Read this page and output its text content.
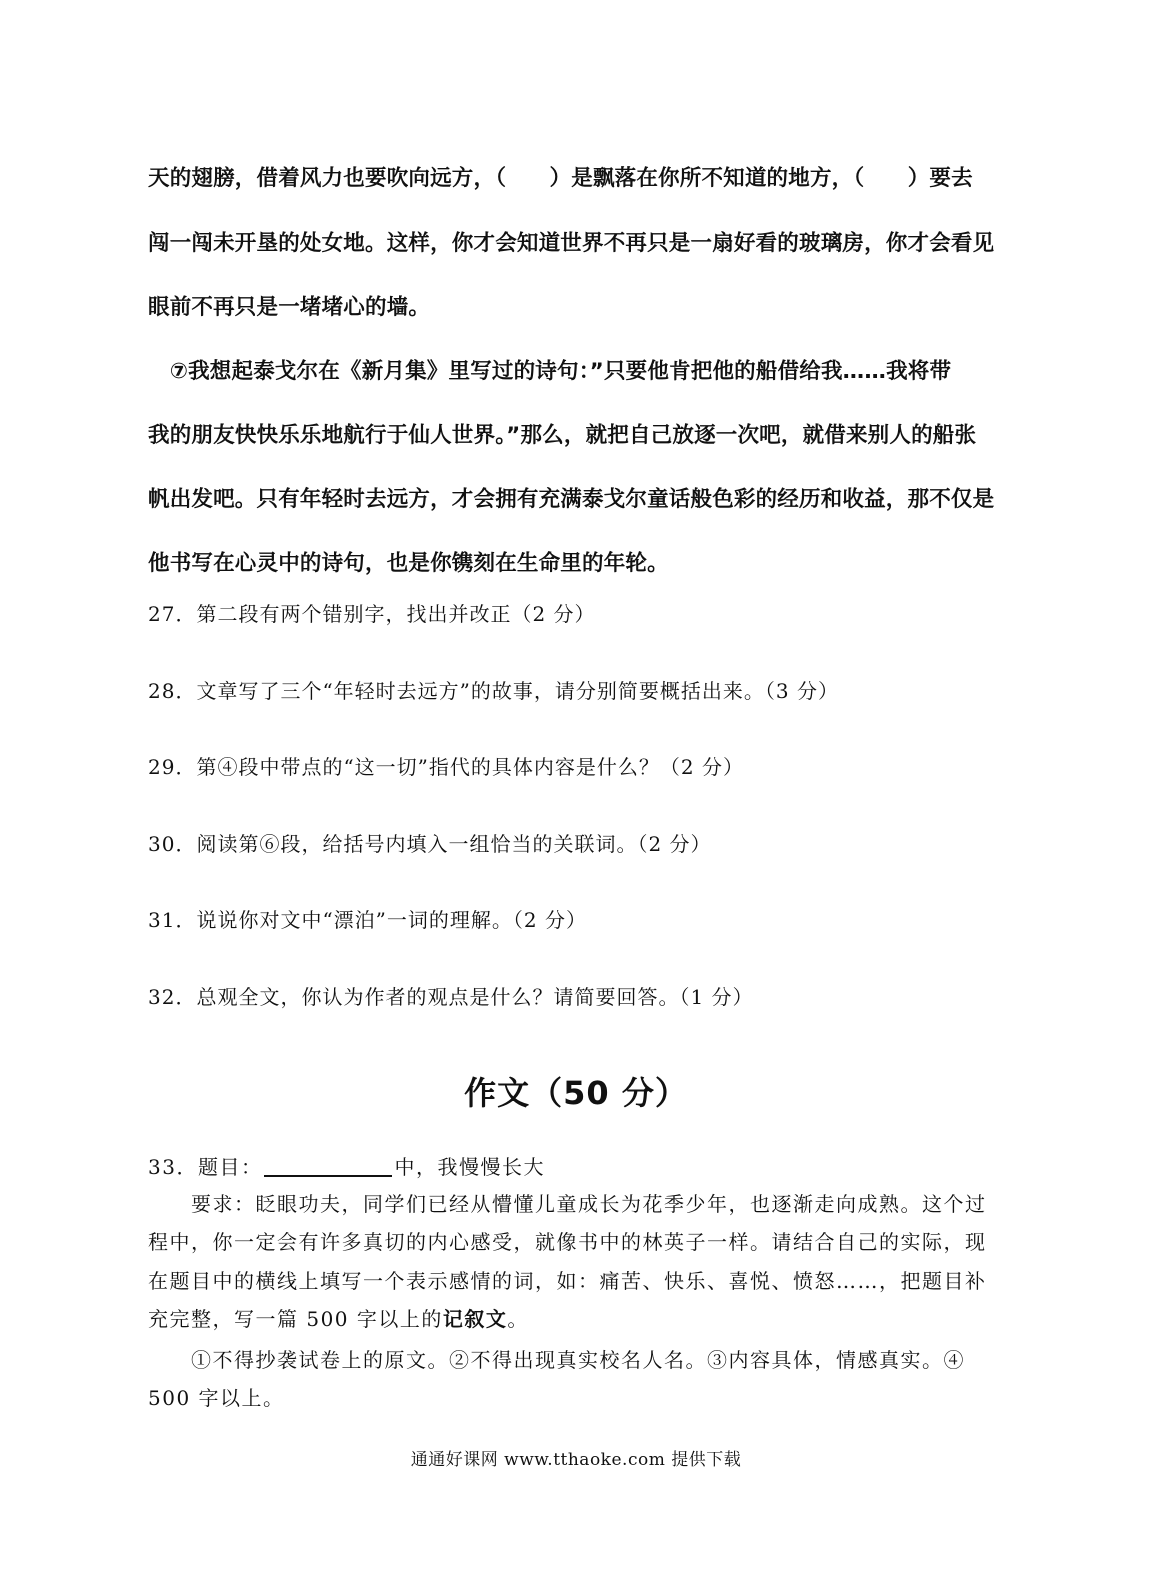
天的翅膀，借着风力也要吹向远方，（　　）是飘落在你所不知道的地方，（　　）要去
闯一闯未开垦的处女地。这样，你才会知道世界不再只是一扇好看的玻璃房，你才会看见
眼前不再只是一堵堵心的墙。
　⑦我想起泰戈尔在《新月集》里写过的诗句：”只要他肯把他的船借给我……我将带
我的朋友快快乐乐地航行于仙人世界。”那么，就把自己放逐一次吧，就借来别人的船张
帆出发吧。只有年轻时去远方，才会拥有充满泰戈尔童话般色彩的经历和收益，那不仅是
他书写在心灵中的诗句，也是你镌刻在生命里的年轮。
27．第二段有两个错别字，找出并改正（2 分）
28．文章写了三个“年轻时去远方”的故事，请分别简要概括出来。（3 分）
29．第④段中带点的“这一切”指代的具体内容是什么？（2 分）
30．阅读第⑥段，给括号内填入一组恰当的关联词。（2 分）
31．说说你对文中“漂泊”一词的理解。（2 分）
32．总观全文，你认为作者的观点是什么？请简要回答。（1 分）
作文（50 分）
33．题目：	中，我慢慢长大
　　要求：眨眼功夫，同学们已经从懵懂儿童成长为花季少年，也逐渐走向成熟。这个过
程中，你一定会有许多真切的内心感受，就像书中的林英子一样。请结合自己的实际，现
在题目中的横线上填写一个表示感情的词，如：痛苦、快乐、喜悦、愤怒……，把题目补
充完整，写一篇 500 字以上的记叙文。
　　①不得抄袭试卷上的原文。②不得出现真实校名人名。③内容具体，情感真实。④
500 字以上。
通通好课网 www.tthaoke.com 提供下载
